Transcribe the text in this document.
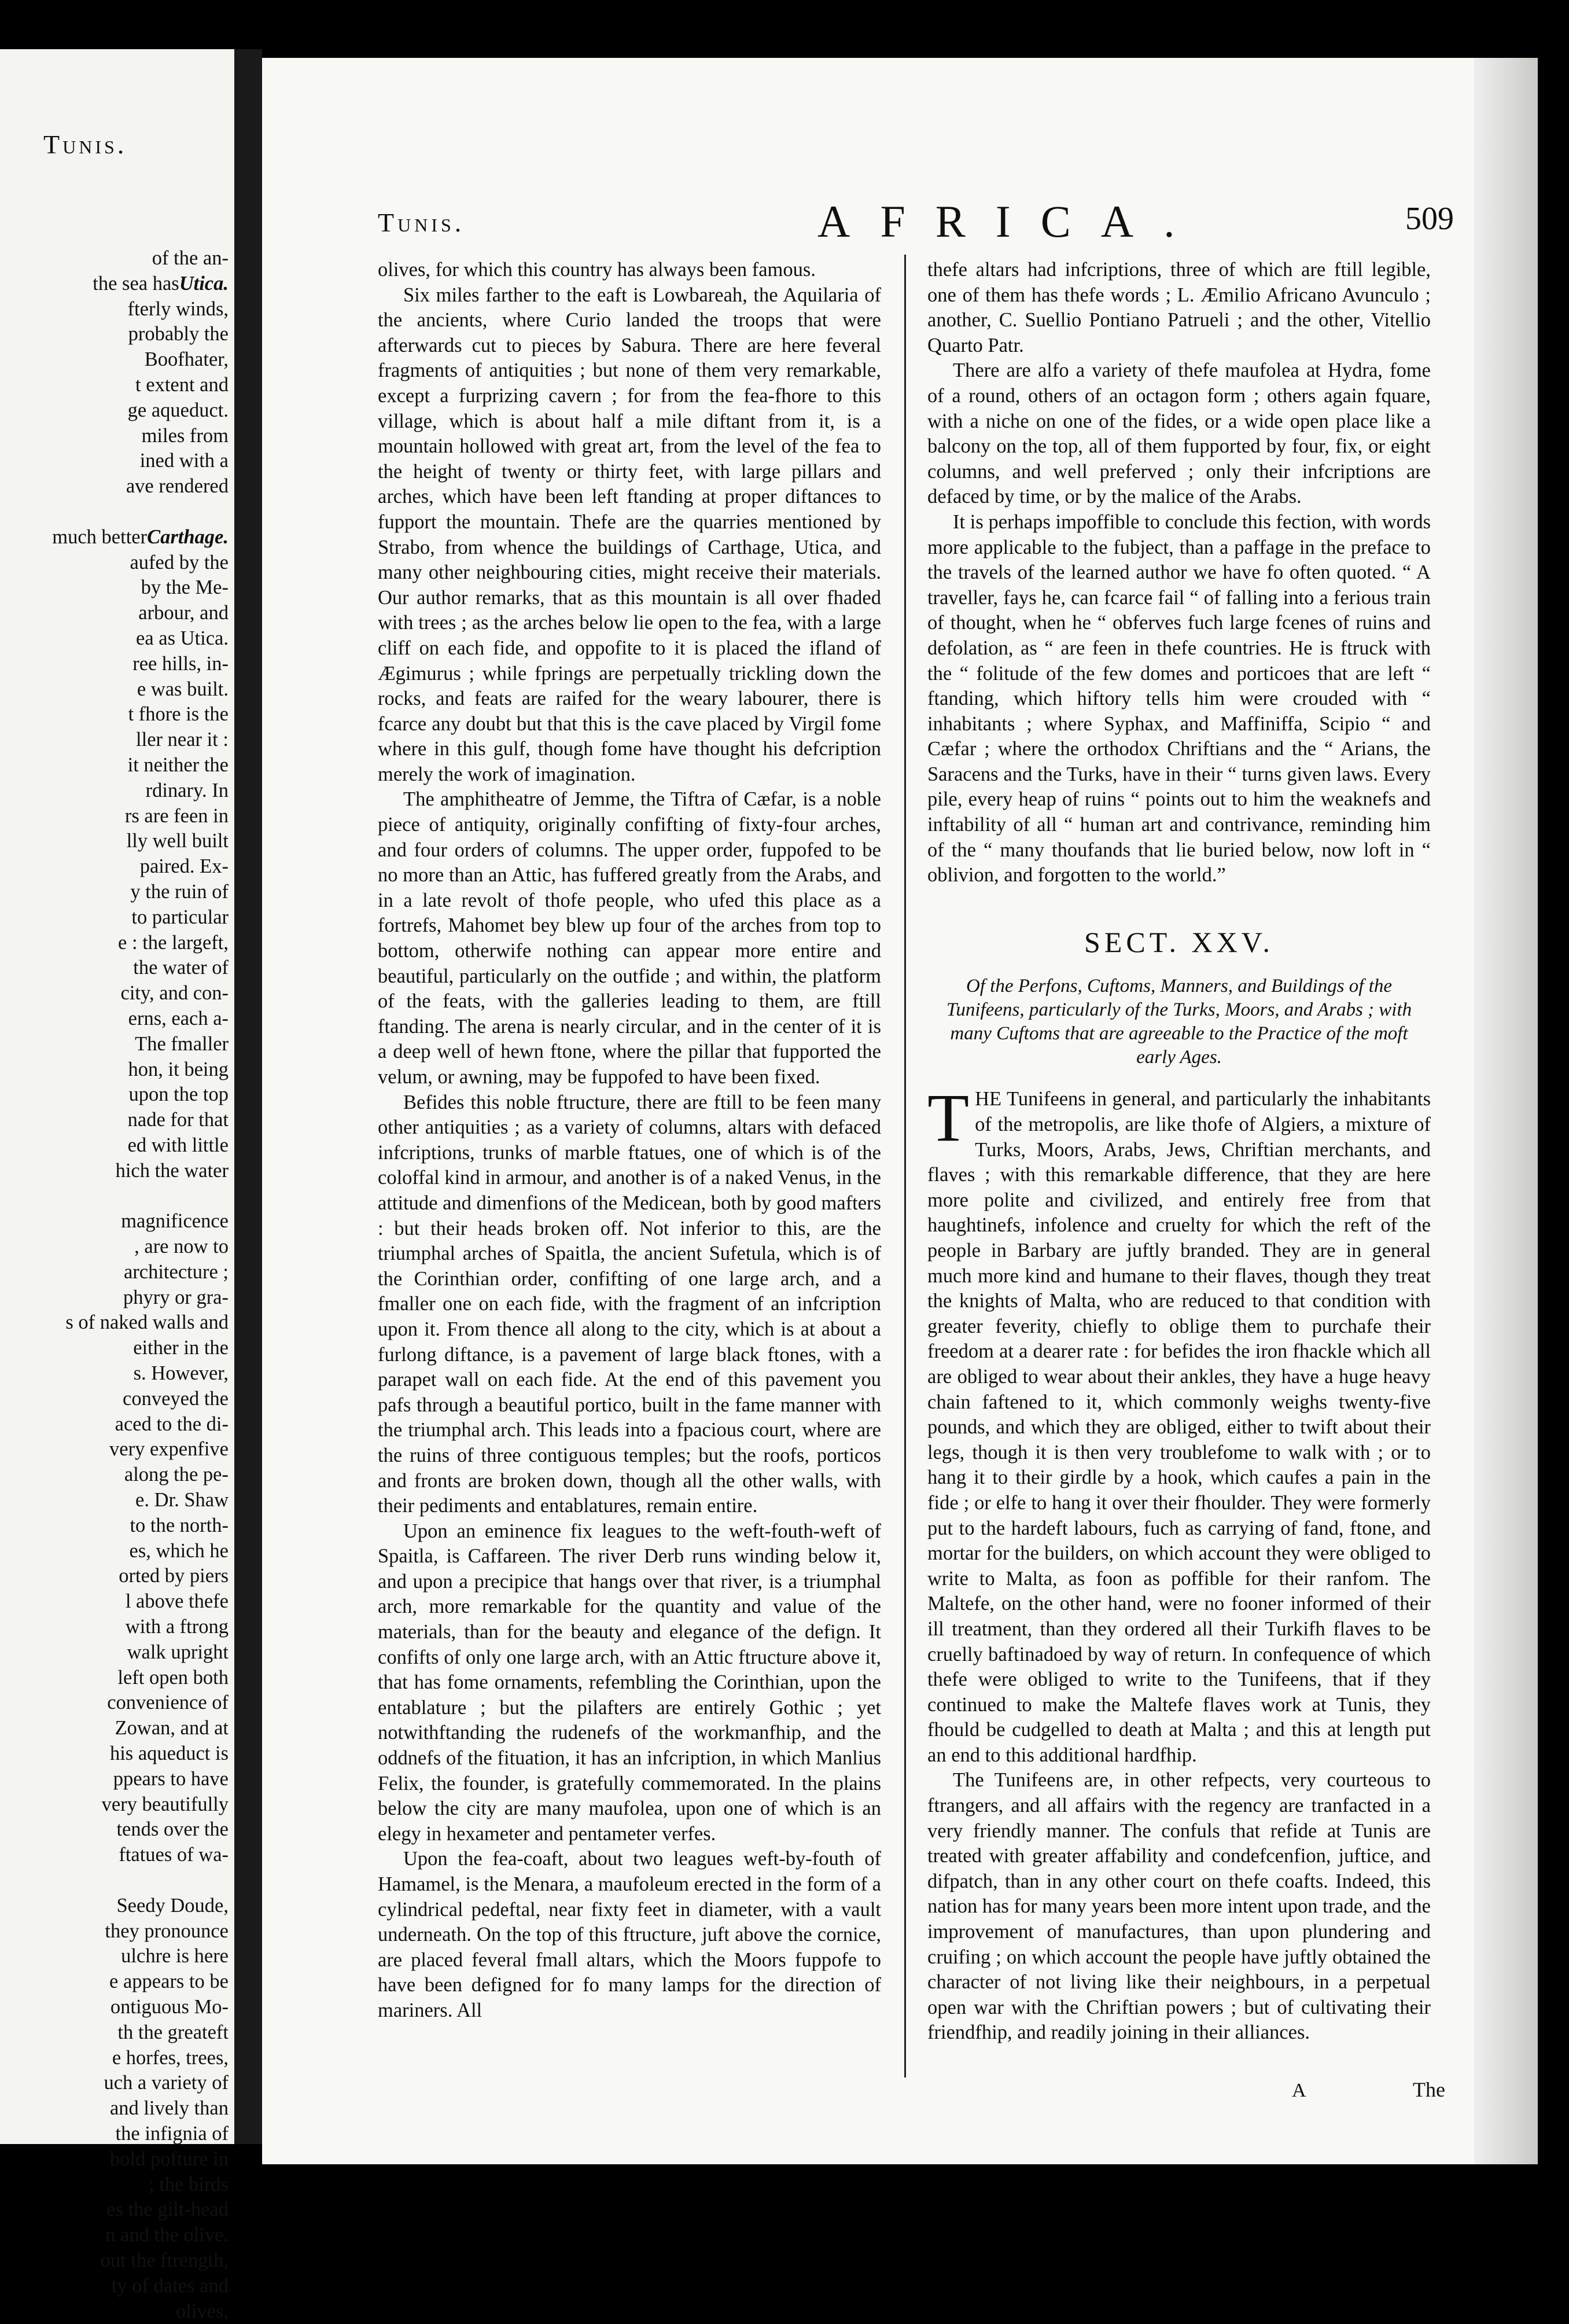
Tunis.
of the an-
the sea hasUtica.
fterly winds,
probably the
Boofhater,
t extent and
ge aqueduct.
miles from
ined with a
ave rendered

much betterCarthage.
aufed by the
by the Me-
arbour, and
ea as Utica.
ree hills, in-
e was built.
t fhore is the
ller near it :
it neither the
rdinary. In
rs are feen in
lly well built
paired. Ex-
y the ruin of
to particular
e : the largeft,
the water of
city, and con-
erns, each a-
The fmaller
hon, it being
upon the top
nade for that
ed with little
hich the water

magnificence
, are now to
architecture ;
phyry or gra-
s of naked walls and
either in the
s. However,
conveyed the
aced to the di-
very expenfive
along the pe-
e. Dr. Shaw
to the north-
es, which he
orted by piers
l above thefe
with a ftrong
walk upright
left open both
convenience of
Zowan, and at
his aqueduct is
ppears to have
very beautifully
tends over the
ftatues of wa-

Seedy Doude,
they pronounce
ulchre is here
e appears to be
ontiguous Mo-
th the greateft
e horfes, trees,
uch a variety of
and lively than
the infignia of
bold pofture in
; the birds
es the gilt-head
n and the olive.
out the ftrength,
ty of dates and
olives,
Tunis.	AFRICA.	509

olives, for which this country has always been famous.

Six miles farther to the eaft is Lowbareah, the Aquilaria of the ancients, where Curio landed the troops that were afterwards cut to pieces by Sabura. There are here feveral fragments of antiquities ; but none of them very remarkable, except a furprizing cavern ; for from the fea-fhore to this village, which is about half a mile diftant from it, is a mountain hollowed with great art, from the level of the fea to the height of twenty or thirty feet, with large pillars and arches, which have been left ftanding at proper diftances to fupport the mountain. Thefe are the quarries mentioned by Strabo, from whence the buildings of Carthage, Utica, and many other neighbouring cities, might receive their materials. Our author remarks, that as this mountain is all over fhaded with trees ; as the arches below lie open to the fea, with a large cliff on each fide, and oppofite to it is placed the ifland of Ægimurus ; while fprings are perpetually trickling down the rocks, and feats are raifed for the weary labourer, there is fcarce any doubt but that this is the cave placed by Virgil fome where in this gulf, though fome have thought his defcription merely the work of imagination.

The amphitheatre of Jemme, the Tiftra of Cæfar, is a noble piece of antiquity, originally confifting of fixty-four arches, and four orders of columns. The upper order, fuppofed to be no more than an Attic, has fuffered greatly from the Arabs, and in a late revolt of thofe people, who ufed this place as a fortrefs, Mahomet bey blew up four of the arches from top to bottom, otherwife nothing can appear more entire and beautiful, particularly on the outfide ; and within, the platform of the feats, with the galleries leading to them, are ftill ftanding. The arena is nearly circular, and in the center of it is a deep well of hewn ftone, where the pillar that fupported the velum, or awning, may be fuppofed to have been fixed.

Befides this noble ftructure, there are ftill to be feen many other antiquities ; as a variety of columns, altars with defaced infcriptions, trunks of marble ftatues, one of which is of the coloffal kind in armour, and another is of a naked Venus, in the attitude and dimenfions of the Medicean, both by good mafters : but their heads broken off. Not inferior to this, are the triumphal arches of Spaitla, the ancient Sufetula, which is of the Corinthian order, confifting of one large arch, and a fmaller one on each fide, with the fragment of an infcription upon it. From thence all along to the city, which is at about a furlong diftance, is a pavement of large black ftones, with a parapet wall on each fide. At the end of this pavement you pafs through a beautiful portico, built in the fame manner with the triumphal arch. This leads into a fpacious court, where are the ruins of three contiguous temples; but the roofs, porticos and fronts are broken down, though all the other walls, with their pediments and entablatures, remain entire.

Upon an eminence fix leagues to the weft-fouth-weft of Spaitla, is Caffareen. The river Derb runs winding below it, and upon a precipice that hangs over that river, is a triumphal arch, more remarkable for the quantity and value of the materials, than for the beauty and elegance of the defign. It confifts of only one large arch, with an Attic ftructure above it, that has fome ornaments, refembling the Corinthian, upon the entablature ; but the pilafters are entirely Gothic ; yet notwithftanding the rudenefs of the workmanfhip, and the oddnefs of the fituation, it has an infcription, in which Manlius Felix, the founder, is gratefully commemorated. In the plains below the city are many maufolea, upon one of which is an elegy in hexameter and pentameter verfes.

Upon the fea-coaft, about two leagues weft-by-fouth of Hamamel, is the Menara, a maufoleum erected in the form of a cylindrical pedeftal, near fixty feet in diameter, with a vault underneath. On the top of this ftructure, juft above the cornice, are placed feveral fmall altars, which the Moors fuppofe to have been defigned for fo many lamps for the direction of mariners. All

thefe altars had infcriptions, three of which are ftill legible, one of them has thefe words ; L. Æmilio Africano Avunculo ; another, C. Suellio Pontiano Patrueli ; and the other, Vitellio Quarto Patr.

There are alfo a variety of thefe maufolea at Hydra, fome of a round, others of an octagon form ; others again fquare, with a niche on one of the fides, or a wide open place like a balcony on the top, all of them fupported by four, fix, or eight columns, and well preferved ; only their infcriptions are defaced by time, or by the malice of the Arabs.

It is perhaps impoffible to conclude this fection, with words more applicable to the fubject, than a paffage in the preface to the travels of the learned author we have fo often quoted. “ A traveller, fays he, can fcarce fail “ of falling into a ferious train of thought, when he “ obferves fuch large fcenes of ruins and defolation, as “ are feen in thefe countries. He is ftruck with the “ folitude of the few domes and porticoes that are left “ ftanding, which hiftory tells him were crouded with “ inhabitants ; where Syphax, and Maffiniffa, Scipio “ and Cæfar ; where the orthodox Chriftians and the “ Arians, the Saracens and the Turks, have in their “ turns given laws. Every pile, every heap of ruins “ points out to him the weaknefs and inftability of all “ human art and contrivance, reminding him of the “ many thoufands that lie buried below, now loft in “ oblivion, and forgotten to the world.”

SECT. XXV.
Of the Perfons, Cuftoms, Manners, and Buildings of the Tunifeens, particularly of the Turks, Moors, and Arabs ; with many Cuftoms that are agreeable to the Practice of the moft early Ages.

THE Tunifeens in general, and particularly the inhabitants of the metropolis, are like thofe of Algiers, a mixture of Turks, Moors, Arabs, Jews, Chriftian merchants, and flaves ; with this remarkable difference, that they are here more polite and civilized, and entirely free from that haughtinefs, infolence and cruelty for which the reft of the people in Barbary are juftly branded. They are in general much more kind and humane to their flaves, though they treat the knights of Malta, who are reduced to that condition with greater feverity, chiefly to oblige them to purchafe their freedom at a dearer rate : for befides the iron fhackle which all are obliged to wear about their ankles, they have a huge heavy chain faftened to it, which commonly weighs twenty-five pounds, and which they are obliged, either to twift about their legs, though it is then very troublefome to walk with ; or to hang it to their girdle by a hook, which caufes a pain in the fide ; or elfe to hang it over their fhoulder. They were formerly put to the hardeft labours, fuch as carrying of fand, ftone, and mortar for the builders, on which account they were obliged to write to Malta, as foon as poffible for their ranfom. The Maltefe, on the other hand, were no fooner informed of their ill treatment, than they ordered all their Turkifh flaves to be cruelly baftinadoed by way of return. In confequence of which thefe were obliged to write to the Tunifeens, that if they continued to make the Maltefe flaves work at Tunis, they fhould be cudgelled to death at Malta ; and this at length put an end to this additional hardfhip.

The Tunifeens are, in other refpects, very courteous to ftrangers, and all affairs with the regency are tranfacted in a very friendly manner. The confuls that refide at Tunis are treated with greater affability and condefcenfion, juftice, and difpatch, than in any other court on thefe coafts. Indeed, this nation has for many years been more intent upon trade, and the improvement of manufactures, than upon plundering and cruifing ; on which account the people have juftly obtained the character of not living like their neighbours, in a perpetual open war with the Chriftian powers ; but of cultivating their friendfhip, and readily joining in their alliances.

A	The
